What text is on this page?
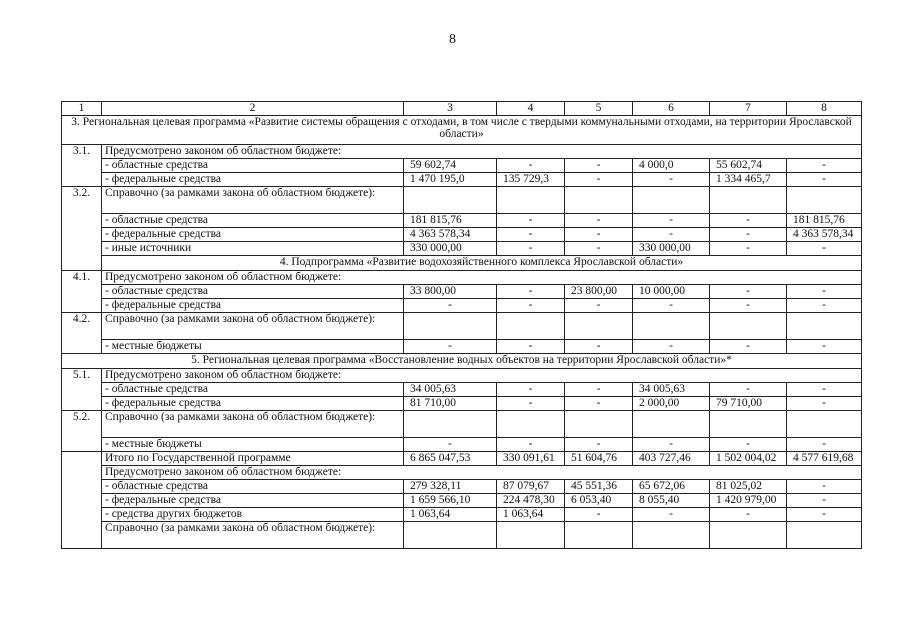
8
1	2	3	4	5	6	7	8
3. Региональная целевая программа «Развитие системы обращения с отходами, в том числе с твердыми коммунальными отходами, на территории Ярославской области»							
3.1.	Предусмотрено законом об областном бюджете:						
	- областные средства	59 602,74	-	-	4 000,0	55 602,74	-
	- федеральные средства	1 470 195,0	135 729,3	-	-	1 334 465,7	-
3.2.	Справочно (за рамками закона об областном бюджете):						
	- областные средства	181 815,76	-	-	-	-	181 815,76
	- федеральные средства	4 363 578,34	-	-	-	-	4 363 578,34
	- иные источники	330 000,00	-	-	330 000,00	-	-
	4. Подпрограмма «Развитие водохозяйственного комплекса Ярославской области»						
4.1.	Предусмотрено законом об областном бюджете:						
	- областные средства	33 800,00	-	23 800,00	10 000,00	-	-
	- федеральные средства	-	-	-	-	-	-
4.2.	Справочно (за рамками закона об областном бюджете):						
	- местные бюджеты	-	-	-	-	-	-
5. Региональная целевая программа «Восстановление водных объектов на территории Ярославской области»*							
5.1.	Предусмотрено законом об областном бюджете:						
	- областные средства	34 005,63	-	-	34 005,63	-	-
	- федеральные средства	81 710,00	-	-	2 000,00	79 710,00	-
5.2.	Справочно (за рамками закона об областном бюджете):						
	- местные бюджеты	-	-	-	-	-	-
	Итого по Государственной программе	6 865 047,53	330 091,61	51 604,76	403 727,46	1 502 004,02	4 577 619,68
	Предусмотрено законом об областном бюджете:						
	- областные средства	279 328,11	87 079,67	45 551,36	65 672,06	81 025,02	-
	- федеральные средства	1 659 566,10	224 478,30	6 053,40	8 055,40	1 420 979,00	-
	- средства других бюджетов	1 063,64	1 063,64	-	-	-	-
	Справочно (за рамками закона об областном бюджете):						
